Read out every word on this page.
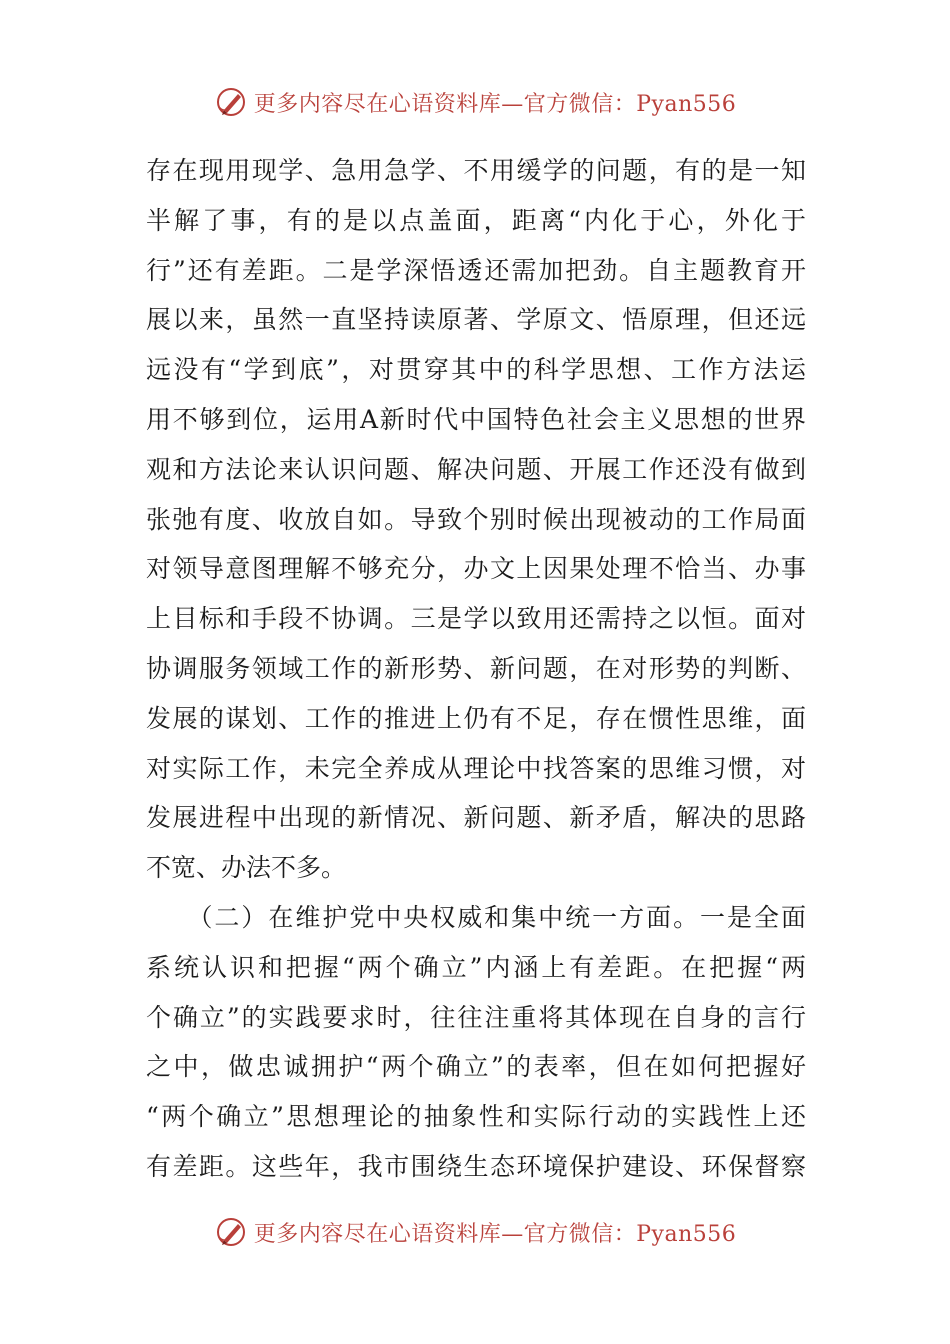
更多内容尽在心语资料库—官方微信：Pyan556
存在现用现学、急用急学、不用缓学的问题，有的是一知
半解了事，有的是以点盖面，距离“内化于心，外化于
行”还有差距。二是学深悟透还需加把劲。自主题教育开
展以来，虽然一直坚持读原著、学原文、悟原理，但还远
远没有“学到底”，对贯穿其中的科学思想、工作方法运
用不够到位，运用A新时代中国特色社会主义思想的世界
观和方法论来认识问题、解决问题、开展工作还没有做到
张弛有度、收放自如。导致个别时候出现被动的工作局面
对领导意图理解不够充分，办文上因果处理不恰当、办事
上目标和手段不协调。三是学以致用还需持之以恒。面对
协调服务领域工作的新形势、新问题，在对形势的判断、
发展的谋划、工作的推进上仍有不足，存在惯性思维，面
对实际工作，未完全养成从理论中找答案的思维习惯，对
发展进程中出现的新情况、新问题、新矛盾，解决的思路
不宽、办法不多。
　　（二）在维护党中央权威和集中统一方面。一是全面
系统认识和把握“两个确立”内涵上有差距。在把握“两
个确立”的实践要求时，往往注重将其体现在自身的言行
之中，做忠诚拥护“两个确立”的表率，但在如何把握好
“两个确立”思想理论的抽象性和实际行动的实践性上还
有差距。这些年，我市围绕生态环境保护建设、环保督察
更多内容尽在心语资料库—官方微信：Pyan556
